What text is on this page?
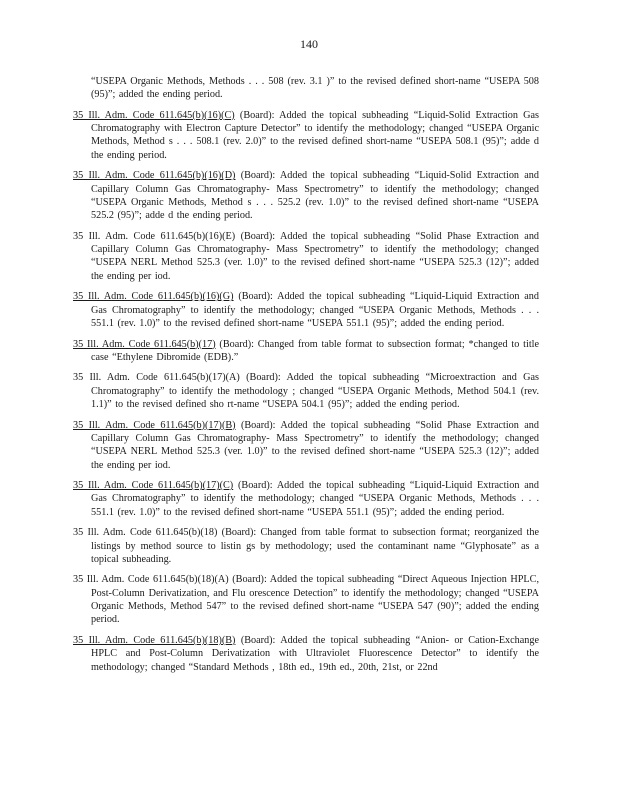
140

“USEPA Organic Methods, Methods . . . 508 (rev. 3.1 )” to the revised defined short-name “USEPA 508 (95)”; added the ending period.

35 Ill. Adm. Code 611.645(b)(16)(C) (Board): Added the topical subheading “Liquid-Solid Extraction Gas Chromatography with Electron Capture Detector” to identify the methodology; changed “USEPA Organic Methods, Method s . . . 508.1 (rev. 2.0)” to the revised defined short-name “USEPA 508.1 (95)”; adde d the ending period.

35 Ill. Adm. Code 611.645(b)(16)(D) (Board): Added the topical subheading “Liquid-Solid Extraction and Capillary Column Gas Chromatography- Mass Spectrometry” to identify the methodology; changed “USEPA Organic Methods, Method s . . . 525.2 (rev. 1.0)” to the revised defined short-name “USEPA 525.2 (95)”; adde d the ending period.

35 Ill. Adm. Code 611.645(b)(16)(E) (Board): Added the topical subheading “Solid Phase Extraction and Capillary Column Gas Chromatography- Mass Spectrometry” to identify the methodology; changed “USEPA NERL Method 525.3 (ver. 1.0)” to the revised defined short-name “USEPA 525.3 (12)”; added the ending per iod.

35 Ill. Adm. Code 611.645(b)(16)(G) (Board): Added the topical subheading “Liquid-Liquid Extraction and Gas Chromatography” to identify the methodology; changed “USEPA Organic Methods, Methods . . . 551.1 (rev. 1.0)” to the revised defined short-name “USEPA 551.1 (95)”; added the ending period.

35 Ill. Adm. Code 611.645(b)(17) (Board): Changed from table format to subsection format; *changed to title case “Ethylene Dibromide (EDB).”

35 Ill. Adm. Code 611.645(b)(17)(A) (Board): Added the topical subheading “Microextraction and Gas Chromatography” to identify the methodology ; changed “USEPA Organic Methods, Method 504.1 (rev. 1.1)” to the revised defined sho rt-name “USEPA 504.1 (95)”; added the ending period.

35 Ill. Adm. Code 611.645(b)(17)(B) (Board): Added the topical subheading “Solid Phase Extraction and Capillary Column Gas Chromatography- Mass Spectrometry” to identify the methodology; changed “USEPA NERL Method 525.3 (ver. 1.0)” to the revised defined short-name “USEPA 525.3 (12)”; added the ending per iod.

35 Ill. Adm. Code 611.645(b)(17)(C) (Board): Added the topical subheading “Liquid-Liquid Extraction and Gas Chromatography” to identify the methodology; changed “USEPA Organic Methods, Methods . . . 551.1 (rev. 1.0)” to the revised defined short-name “USEPA 551.1 (95)”; added the ending period.

35 Ill. Adm. Code 611.645(b)(18) (Board): Changed from table format to subsection format; reorganized the listings by method source to listin gs by methodology; used the contaminant name “Glyphosate” as a topical subheading.

35 Ill. Adm. Code 611.645(b)(18)(A) (Board): Added the topical subheading “Direct Aqueous Injection HPLC, Post-Column Derivatization, and Flu orescence Detection” to identify the methodology; changed “USEPA Organic Methods, Method 547” to the revised defined short-name “USEPA 547 (90)”; added the ending period.

35 Ill. Adm. Code 611.645(b)(18)(B) (Board): Added the topical subheading “Anion- or Cation-Exchange HPLC and Post-Column Derivatization with Ultraviolet Fluorescence Detector” to identify the methodology; changed “Standard Methods , 18th ed., 19th ed., 20th, 21st, or 22nd
